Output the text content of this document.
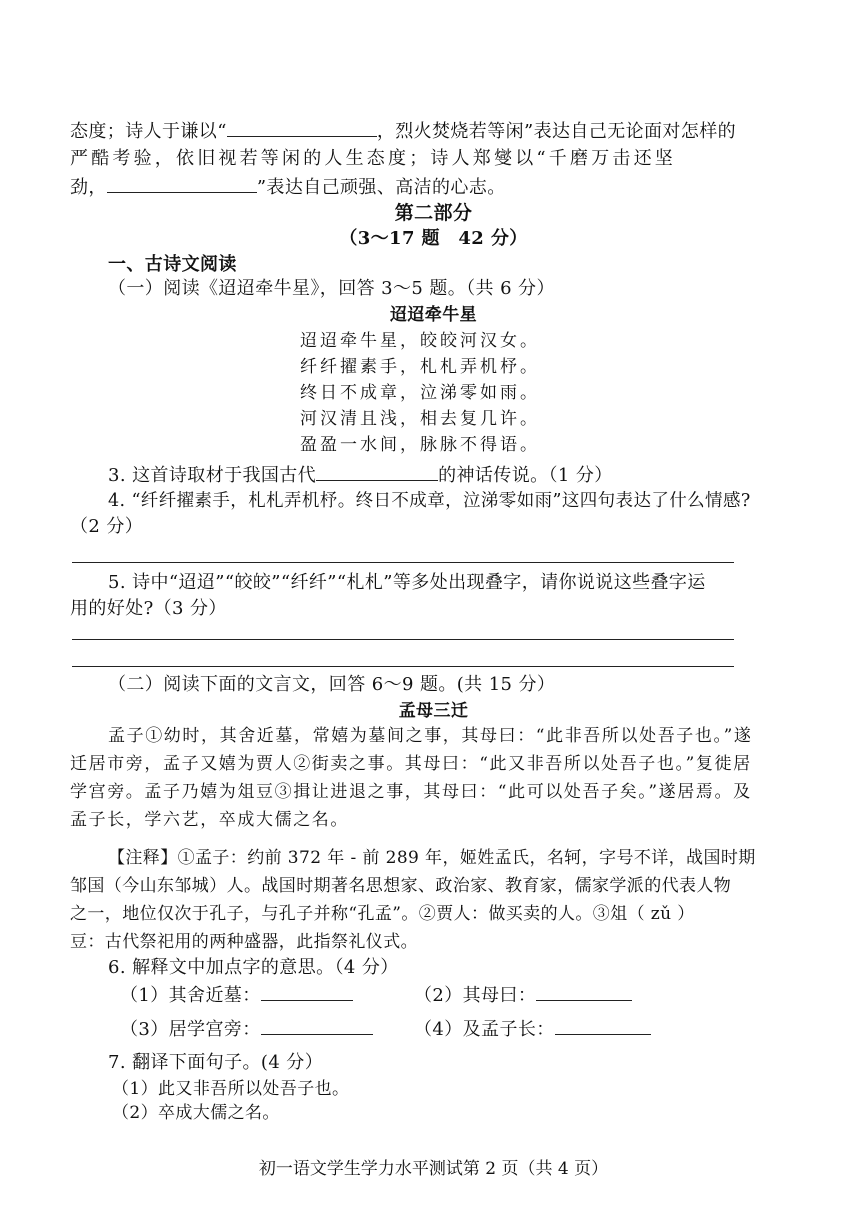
态度；诗人于谦以“	，烈火焚烧若等闲”表达自己无论面对怎样的
严酷考验，依旧视若等闲的人生态度；诗人郑燮以“千磨万击还坚
劲，	”表达自己顽强、高洁的心志。
第二部分
（3～17 题　42 分）
一、古诗文阅读
（一）阅读《迢迢牵牛星》，回答 3～5 题。（共 6 分）
迢迢牵牛星
迢迢牵牛星，皎皎河汉女。
纤纤擢素手，札札弄机杼。
终日不成章，泣涕零如雨。
河汉清且浅，相去复几许。
盈盈一水间，脉脉不得语。
3. 这首诗取材于我国古代	的神话传说。（1 分）
4. “纤纤擢素手，札札弄机杼。终日不成章，泣涕零如雨”这四句表达了什么情感?
（2 分）
5. 诗中“迢迢”“皎皎”“纤纤”“札札”等多处出现叠字，请你说说这些叠字运
用的好处?（3 分）
（二）阅读下面的文言文，回答 6～9 题。(共 15 分）
孟母三迁
孟子①幼时，其舍近墓，常嬉为墓间之事，其母曰：“此非吾所以处吾子也。”遂
迁居市旁，孟子又嬉为贾人②街卖之事。其母曰：“此又非吾所以处吾子也。”复徙居
学宫旁。孟子乃嬉为俎豆③揖让进退之事，其母曰：“此可以处吾子矣。”遂居焉。及
孟子长，学六艺，卒成大儒之名。
【注释】①孟子：约前 372 年 - 前 289 年，姬姓孟氏，名轲，字号不详，战国时期
邹国（今山东邹城）人。战国时期著名思想家、政治家、教育家，儒家学派的代表人物
之一，地位仅次于孔子，与孔子并称“孔孟”。②贾人：做买卖的人。③俎（ zǔ ）
豆：古代祭祀用的两种盛器，此指祭礼仪式。
6. 解释文中加点字的意思。（4 分）
（1）其舍近墓：	（2）其母曰：
（3）居学宫旁：	（4）及孟子长：
7. 翻译下面句子。(4 分）
（1）此又非吾所以处吾子也。
（2）卒成大儒之名。
初一语文学生学力水平测试第 2 页（共 4 页）
